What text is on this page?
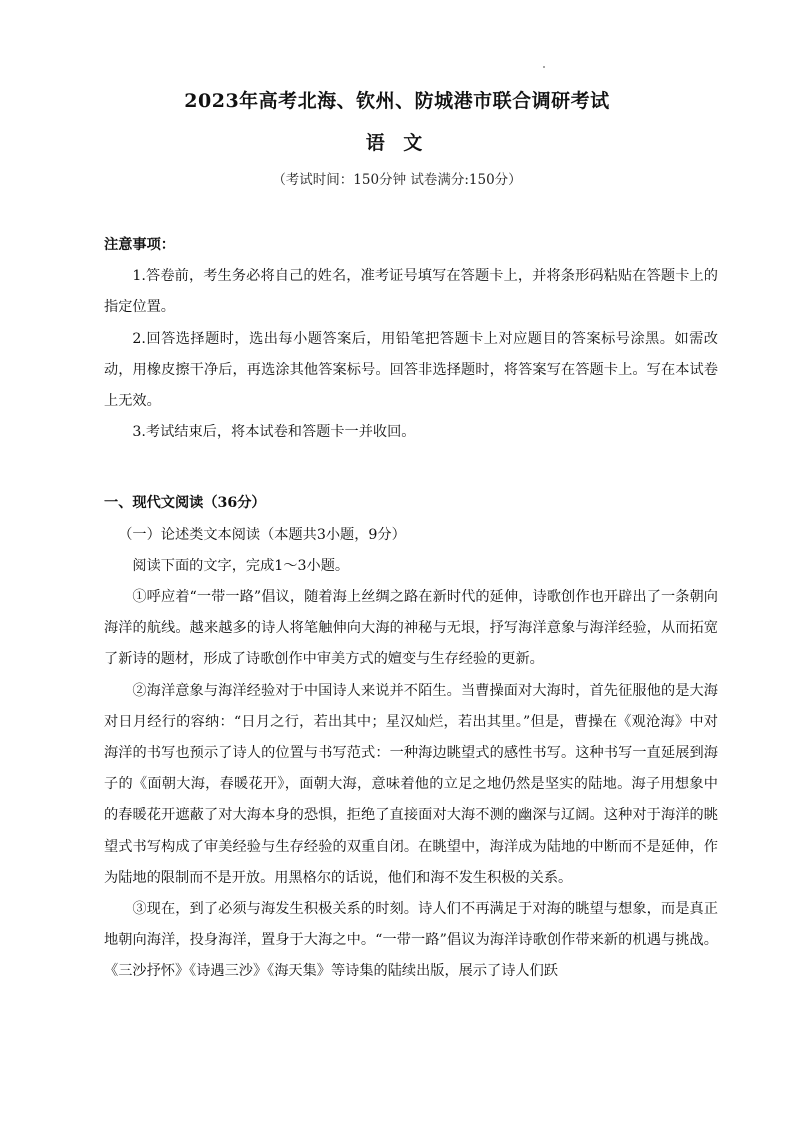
2023年高考北海、钦州、防城港市联合调研考试
语 文
（考试时间：150分钟 试卷满分:150分）

注意事项：

1.答卷前，考生务必将自己的姓名，准考证号填写在答题卡上，并将条形码粘贴在答题卡上的指定位置。

2.回答选择题时，选出每小题答案后，用铅笔把答题卡上对应题目的答案标号涂黑。如需改动，用橡皮擦干净后，再选涂其他答案标号。回答非选择题时，将答案写在答题卡上。写在本试卷上无效。

3.考试结束后，将本试卷和答题卡一并收回。

一、现代文阅读（36分）

（一）论述类文本阅读（本题共3小题，9分）

阅读下面的文字，完成1～3小题。

①呼应着“一带一路”倡议，随着海上丝绸之路在新时代的延伸，诗歌创作也开辟出了一条朝向海洋的航线。越来越多的诗人将笔触伸向大海的神秘与无垠，抒写海洋意象与海洋经验，从而拓宽了新诗的题材，形成了诗歌创作中审美方式的嬗变与生存经验的更新。

②海洋意象与海洋经验对于中国诗人来说并不陌生。当曹操面对大海时，首先征服他的是大海对日月经行的容纳：“日月之行，若出其中；星汉灿烂，若出其里。”但是，曹操在《观沧海》中对海洋的书写也预示了诗人的位置与书写范式：一种海边眺望式的感性书写。这种书写一直延展到海子的《面朝大海，春暖花开》，面朝大海，意味着他的立足之地仍然是坚实的陆地。海子用想象中的春暖花开遮蔽了对大海本身的恐惧，拒绝了直接面对大海不测的幽深与辽阔。这种对于海洋的眺望式书写构成了审美经验与生存经验的双重自闭。在眺望中，海洋成为陆地的中断而不是延伸，作为陆地的限制而不是开放。用黑格尔的话说，他们和海不发生积极的关系。

③现在，到了必须与海发生积极关系的时刻。诗人们不再满足于对海的眺望与想象，而是真正地朝向海洋，投身海洋，置身于大海之中。“一带一路”倡议为海洋诗歌创作带来新的机遇与挑战。《三沙抒怀》《诗遇三沙》《海天集》等诗集的陆续出版，展示了诗人们跃
